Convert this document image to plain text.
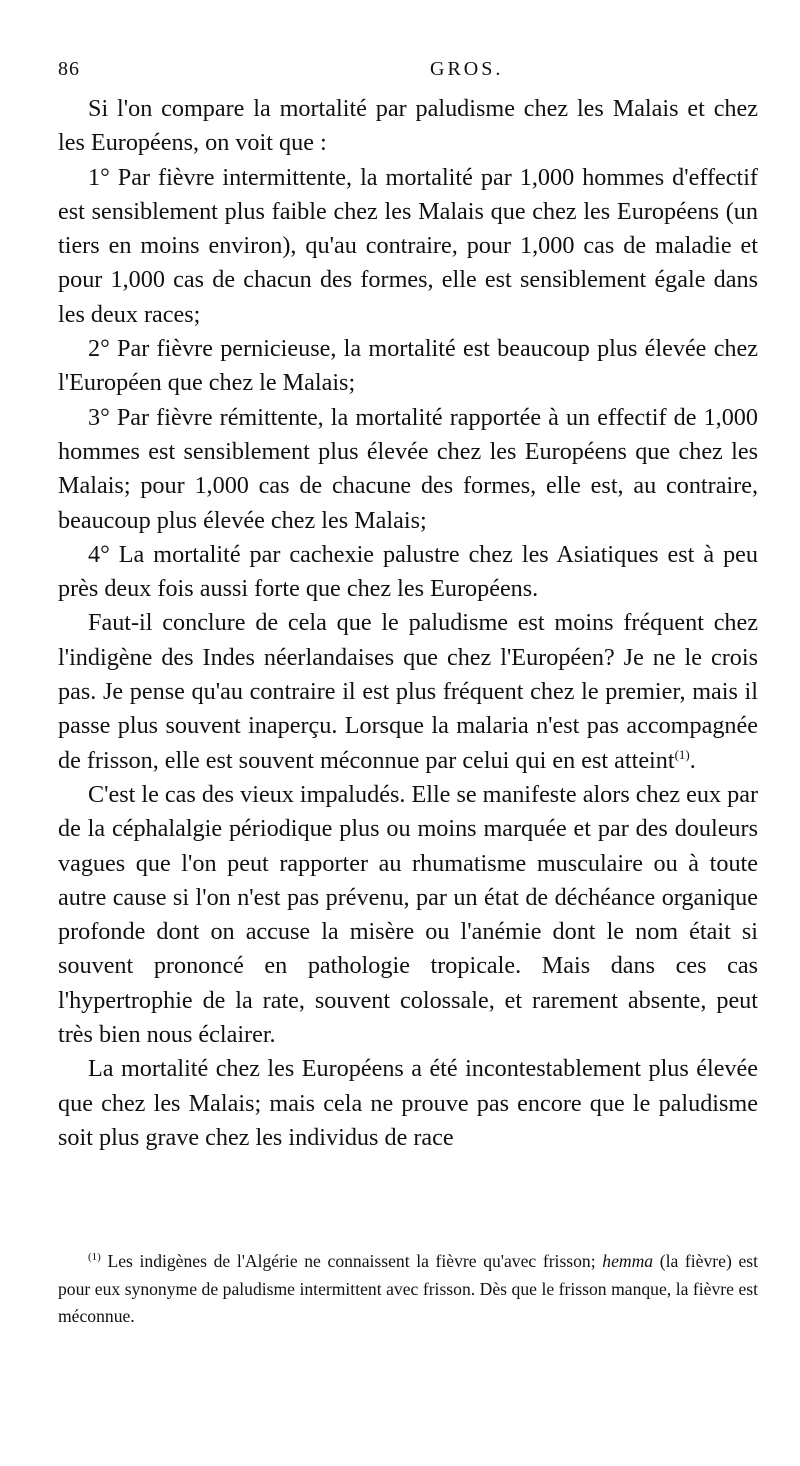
86	GROS.

Si l'on compare la mortalité par paludisme chez les Malais et chez les Européens, on voit que :

1° Par fièvre intermittente, la mortalité par 1,000 hommes d'effectif est sensiblement plus faible chez les Malais que chez les Européens (un tiers en moins environ), qu'au contraire, pour 1,000 cas de maladie et pour 1,000 cas de chacun des formes, elle est sensiblement égale dans les deux races;

2° Par fièvre pernicieuse, la mortalité est beaucoup plus élevée chez l'Européen que chez le Malais;

3° Par fièvre rémittente, la mortalité rapportée à un effectif de 1,000 hommes est sensiblement plus élevée chez les Européens que chez les Malais; pour 1,000 cas de chacune des formes, elle est, au contraire, beaucoup plus élevée chez les Malais;

4° La mortalité par cachexie palustre chez les Asiatiques est à peu près deux fois aussi forte que chez les Européens.

Faut-il conclure de cela que le paludisme est moins fréquent chez l'indigène des Indes néerlandaises que chez l'Européen? Je ne le crois pas. Je pense qu'au contraire il est plus fréquent chez le premier, mais il passe plus souvent inaperçu. Lorsque la malaria n'est pas accompagnée de frisson, elle est souvent méconnue par celui qui en est atteint$^{(1)}$.

C'est le cas des vieux impaludés. Elle se manifeste alors chez eux par de la céphalalgie périodique plus ou moins marquée et par des douleurs vagues que l'on peut rapporter au rhumatisme musculaire ou à toute autre cause si l'on n'est pas prévenu, par un état de déchéance organique profonde dont on accuse la misère ou l'anémie dont le nom était si souvent prononcé en pathologie tropicale. Mais dans ces cas l'hypertrophie de la rate, souvent colossale, et rarement absente, peut très bien nous éclairer.

La mortalité chez les Européens a été incontestablement plus élevée que chez les Malais; mais cela ne prouve pas encore que le paludisme soit plus grave chez les individus de race

$^{(1)}$ Les indigènes de l'Algérie ne connaissent la fièvre qu'avec frisson; hemma (la fièvre) est pour eux synonyme de paludisme intermittent avec frisson. Dès que le frisson manque, la fièvre est méconnue.
